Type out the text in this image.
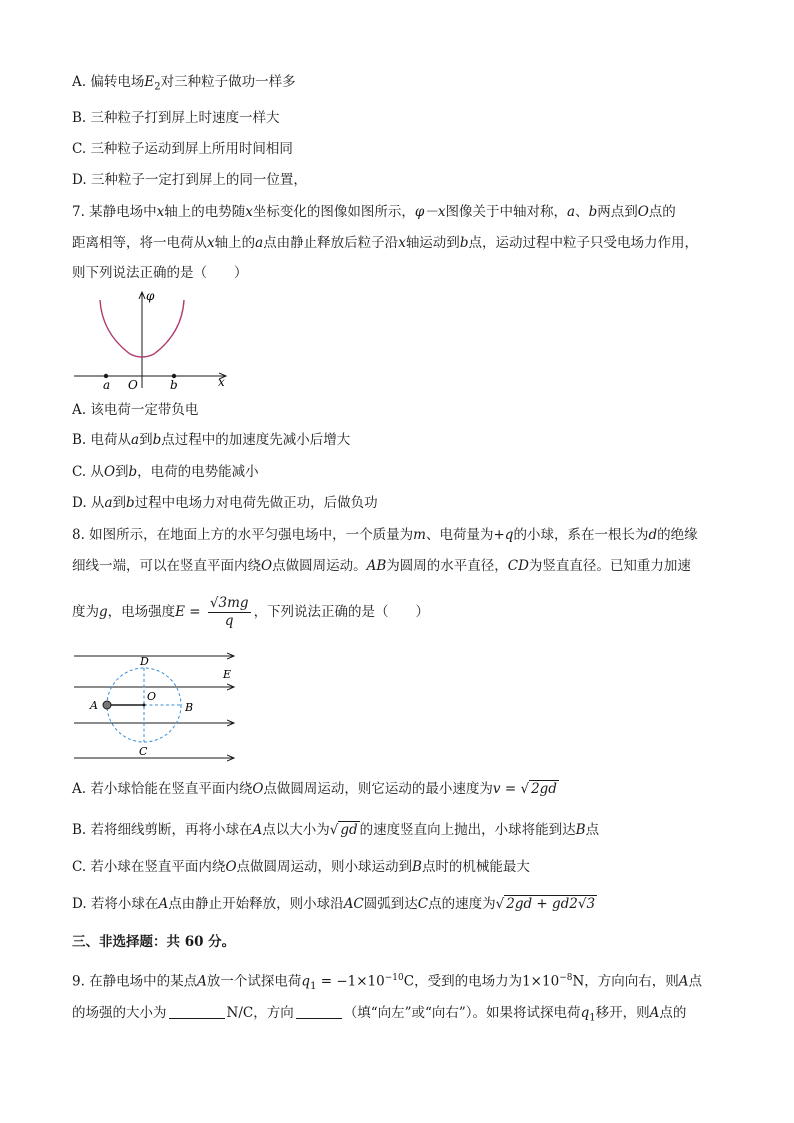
A. 偏转电场$E_2$对三种粒子做功一样多
B. 三种粒子打到屏上时速度一样大
C. 三种粒子运动到屏上所用时间相同
D. 三种粒子一定打到屏上的同一位置，
7. 某静电场中x轴上的电势随x坐标变化的图像如图所示，φ－x图像关于中轴对称，a、b两点到O点的
距离相等，将一电荷从x轴上的a点由静止释放后粒子沿x轴运动到b点，运动过程中粒子只受电场力作用，
则下列说法正确的是（　　）
φ
a O	b	x
A. 该电荷一定带负电
B. 电荷从a到b点过程中的加速度先减小后增大
C. 从O到b，电荷的电势能减小
D. 从a到b过程中电场力对电荷先做正功，后做负功
8. 如图所示，在地面上方的水平匀强电场中，一个质量为m、电荷量为+q的小球，系在一根长为d的绝缘
细线一端，可以在竖直平面内绕O点做圆周运动。AB为圆周的水平直径，CD为竖直直径。已知重力加速
度为g，电场强度$E = \frac{√3mg}{q}$ ，下列说法正确的是（　　）
D
E
O
A	B
C
A. 若小球恰能在竖直平面内绕O点做圆周运动，则它运动的最小速度为v = √ 2gd
B. 若将细线剪断，再将小球在A点以大小为√ gd 的速度竖直向上抛出，小球将能到达B点
C. 若小球在竖直平面内绕O点做圆周运动，则小球运动到B点时的机械能最大
D. 若将小球在A点由静止开始释放，则小球沿AC圆弧到达C点的速度为√ 2gd + gd2√3
三、非选择题：共 60 分。
9. 在静电场中的某点A放一个试探电荷$q_1 = -1\times 10^{-10}C$，受到的电场力为$1\times 10^{-8}N$，方向向右，则A点
的场强的大小为	N/C，方向	（填“向左”或“向右”）。如果将试探电荷$q_1$移开，则A点的
